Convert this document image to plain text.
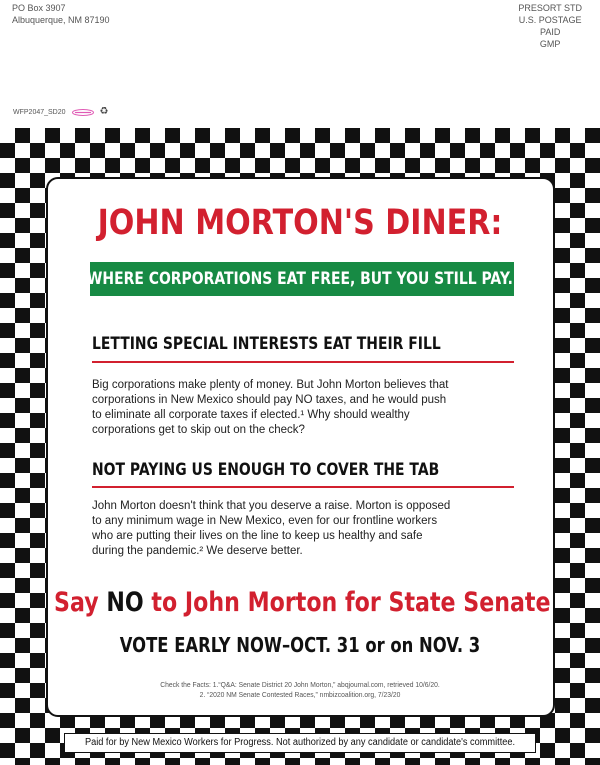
PO Box 3907
Albuquerque, NM 87190
PRESORT STD
U.S. POSTAGE
PAID
GMP
WFP2047_SD20	♻
JOHN MORTON'S DINER:
WHERE CORPORATIONS EAT FREE, BUT YOU STILL PAY.
LETTING SPECIAL INTERESTS EAT THEIR FILL
Big corporations make plenty of money. But John Morton believes that corporations in New Mexico should pay NO taxes, and he would push to eliminate all corporate taxes if elected.¹ Why should wealthy corporations get to skip out on the check?
NOT PAYING US ENOUGH TO COVER THE TAB
John Morton doesn't think that you deserve a raise. Morton is opposed to any minimum wage in New Mexico, even for our frontline workers who are putting their lives on the line to keep us healthy and safe during the pandemic.² We deserve better.
Say NO to John Morton for State Senate
VOTE EARLY NOW–OCT. 31 or on NOV. 3
Check the Facts: 1.“Q&A: Senate District 20 John Morton,” abqjournal.com, retrieved 10/6/20.
2. “2020 NM Senate Contested Races,” nmbizcoalition.org, 7/23/20
Paid for by New Mexico Workers for Progress. Not authorized by any candidate or candidate's committee.
